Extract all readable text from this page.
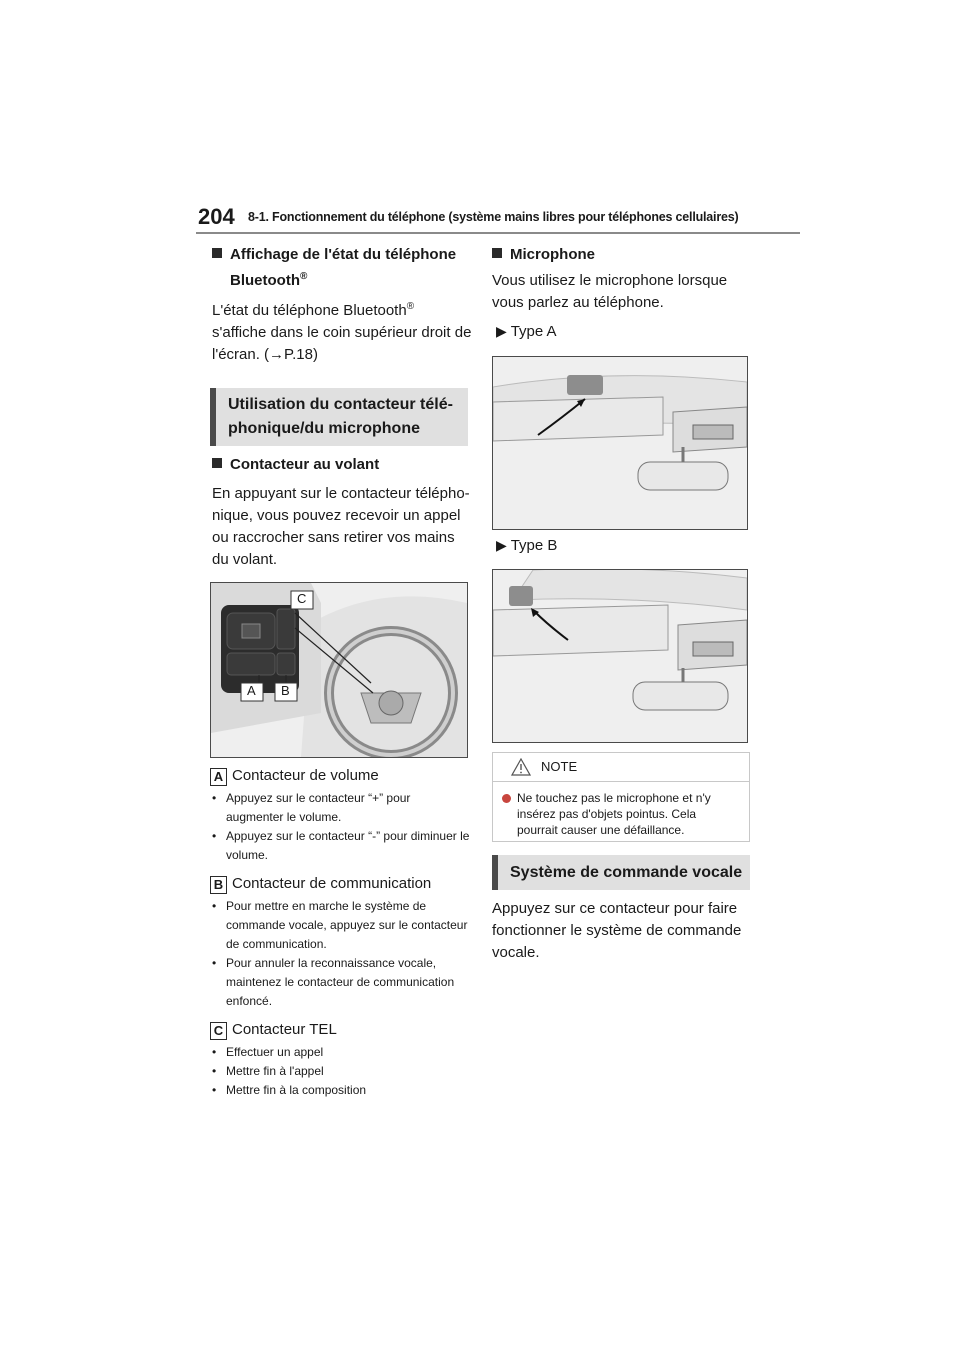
204 8-1. Fonctionnement du téléphone (système mains libres pour téléphones cellulaires)
Affichage de l'état du téléphone
Bluetooth®
L'état du téléphone Bluetooth®
s'affiche dans le coin supérieur droit de
l'écran. (→P.18)
Utilisation du contacteur télé-
phonique/du microphone
Contacteur au volant
En appuyant sur le contacteur télépho-
nique, vous pouvez recevoir un appel
ou raccrocher sans retirer vos mains
du volant.
C
A B
A Contacteur de volume
• Appuyez sur le contacteur “+” pour augmenter le volume.
• Appuyez sur le contacteur “-” pour diminuer le volume.
B Contacteur de communication
• Pour mettre en marche le système de commande vocale, appuyez sur le contacteur de communication.
• Pour annuler la reconnaissance vocale, maintenez le contacteur de communication enfoncé.
C Contacteur TEL
• Effectuer un appel
• Mettre fin à l'appel
• Mettre fin à la composition
Microphone
Vous utilisez le microphone lorsque
vous parlez au téléphone.
▶ Type A
▶ Type B
NOTE
Ne touchez pas le microphone et n'y insérez pas d'objets pointus. Cela pourrait causer une défaillance.
Système de commande vocale
Appuyez sur ce contacteur pour faire
fonctionner le système de commande
vocale.
